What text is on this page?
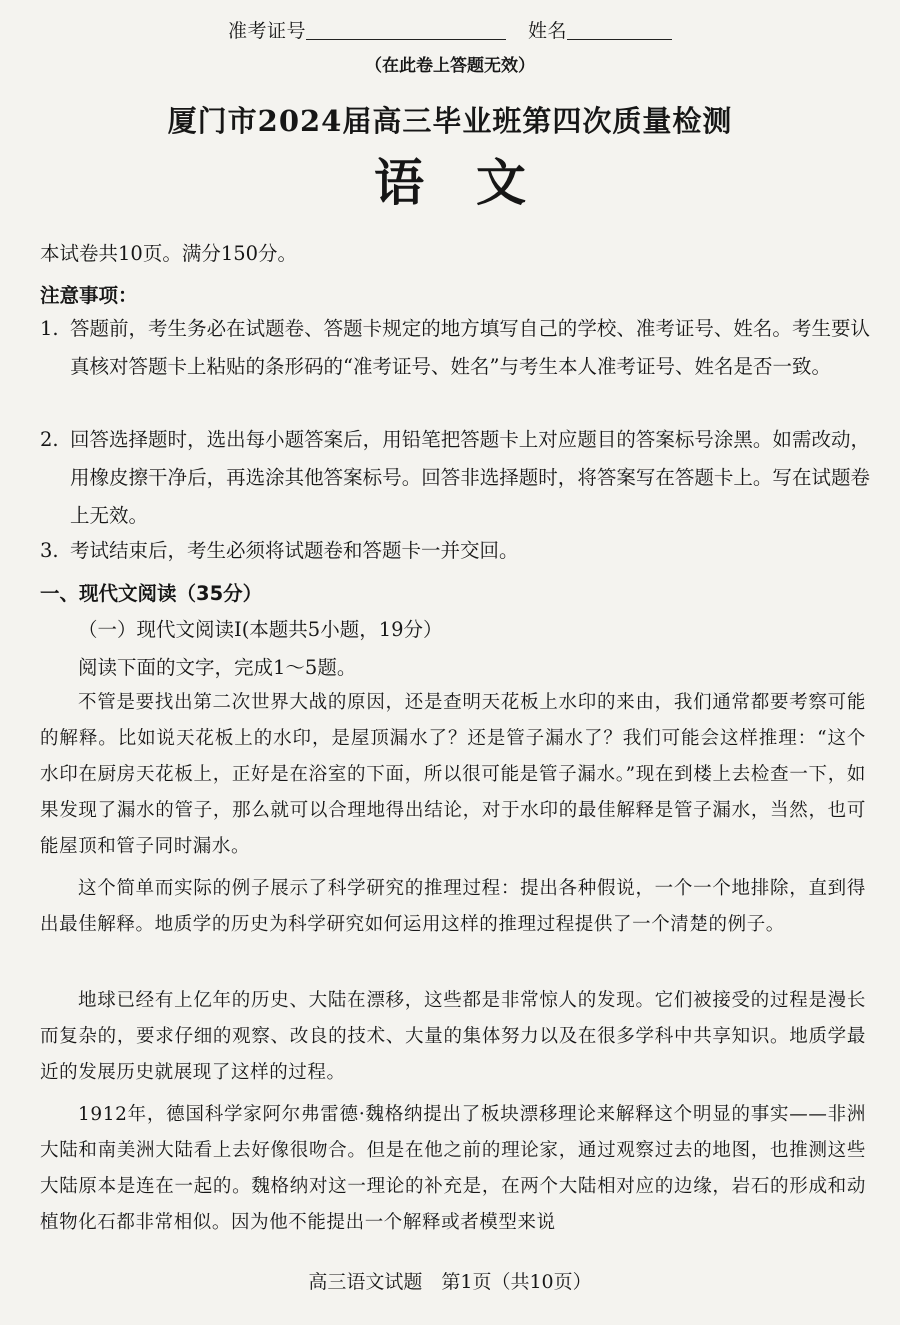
准考证号	姓名
（在此卷上答题无效）
厦门市2024届高三毕业班第四次质量检测
语文
本试卷共10页。满分150分。
注意事项：
1. 答题前，考生务必在试题卷、答题卡规定的地方填写自己的学校、准考证号、姓名。考生要认真核对答题卡上粘贴的条形码的“准考证号、姓名”与考生本人准考证号、姓名是否一致。
2. 回答选择题时，选出每小题答案后，用铅笔把答题卡上对应题目的答案标号涂黑。如需改动，用橡皮擦干净后，再选涂其他答案标号。回答非选择题时，将答案写在答题卡上。写在试题卷上无效。
3. 考试结束后，考生必须将试题卷和答题卡一并交回。
一、现代文阅读（35分）
（一）现代文阅读Ⅰ(本题共5小题，19分）
阅读下面的文字，完成1～5题。
不管是要找出第二次世界大战的原因，还是查明天花板上水印的来由，我们通常都要考察可能的解释。比如说天花板上的水印，是屋顶漏水了？还是管子漏水了？我们可能会这样推理：“这个水印在厨房天花板上，正好是在浴室的下面，所以很可能是管子漏水。”现在到楼上去检查一下，如果发现了漏水的管子，那么就可以合理地得出结论，对于水印的最佳解释是管子漏水，当然，也可能屋顶和管子同时漏水。
这个简单而实际的例子展示了科学研究的推理过程：提出各种假说，一个一个地排除，直到得出最佳解释。地质学的历史为科学研究如何运用这样的推理过程提供了一个清楚的例子。
地球已经有上亿年的历史、大陆在漂移，这些都是非常惊人的发现。它们被接受的过程是漫长而复杂的，要求仔细的观察、改良的技术、大量的集体努力以及在很多学科中共享知识。地质学最近的发展历史就展现了这样的过程。
1912年，德国科学家阿尔弗雷德·魏格纳提出了板块漂移理论来解释这个明显的事实——非洲大陆和南美洲大陆看上去好像很吻合。但是在他之前的理论家，通过观察过去的地图，也推测这些大陆原本是连在一起的。魏格纳对这一理论的补充是，在两个大陆相对应的边缘，岩石的形成和动植物化石都非常相似。因为他不能提出一个解释或者模型来说
高三语文试题　第1页（共10页）
